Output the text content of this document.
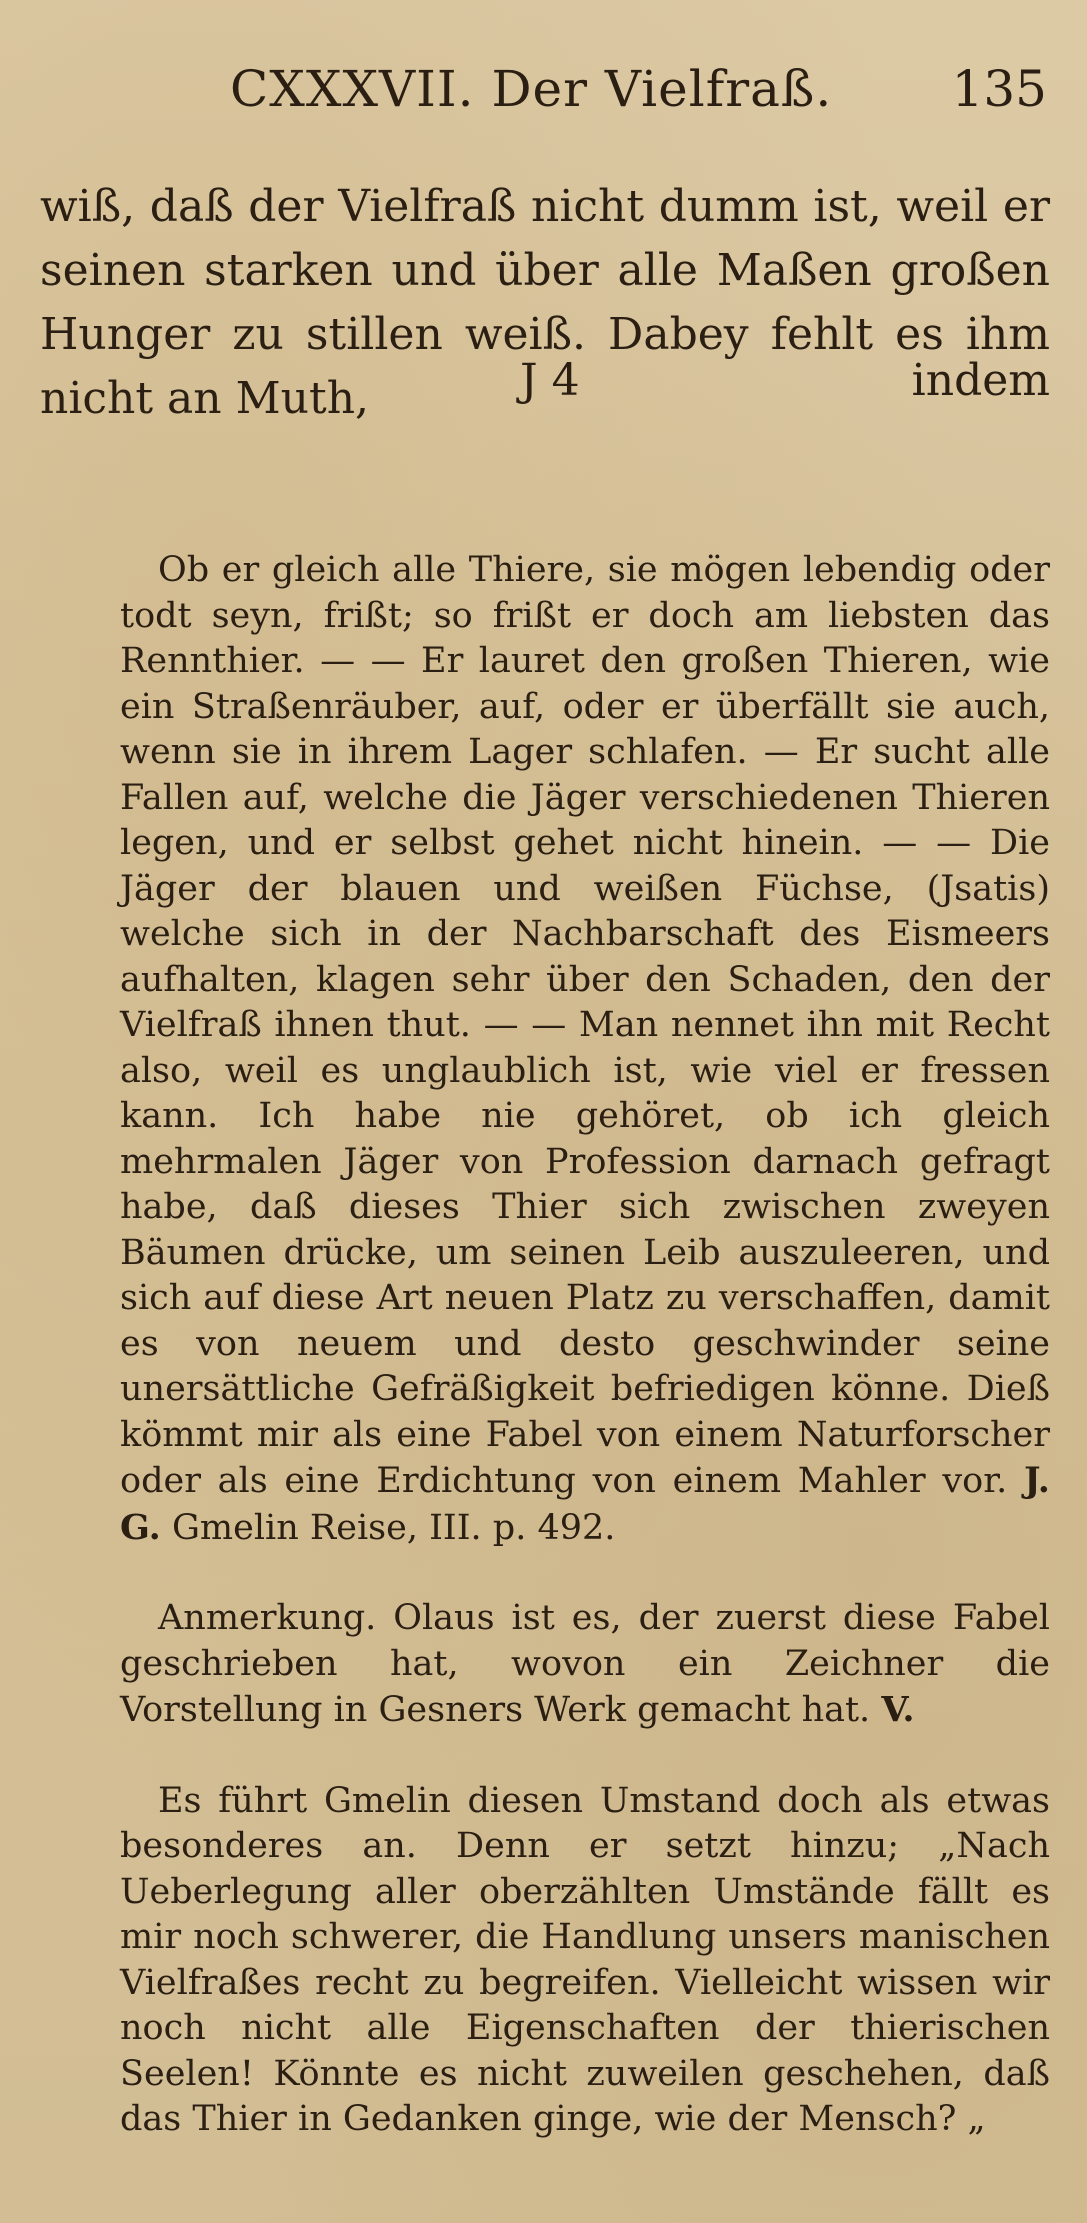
CXXXVII. Der Vielfraß. 135

wiß, daß der Vielfraß nicht dumm ist, weil er seinen starken und über alle Maßen großen Hunger zu stillen weiß. Dabey fehlt es ihm nicht an Muth,	J 4	indem

Ob er gleich alle Thiere, sie mögen lebendig oder todt seyn, frißt; so frißt er doch am liebsten das Rennthier. — — Er lauret den großen Thieren, wie ein Straßenräuber, auf, oder er überfällt sie auch, wenn sie in ihrem Lager schlafen. — Er sucht alle Fallen auf, welche die Jäger verschiedenen Thieren legen, und er selbst gehet nicht hinein. — — Die Jäger der blauen und weißen Füchse, (Jsatis) welche sich in der Nachbarschaft des Eismeers aufhalten, klagen sehr über den Schaden, den der Vielfraß ihnen thut. — — Man nennet ihn mit Recht also, weil es unglaublich ist, wie viel er fressen kann. Ich habe nie gehöret, ob ich gleich mehrmalen Jäger von Profession darnach gefragt habe, daß dieses Thier sich zwischen zweyen Bäumen drücke, um seinen Leib auszuleeren, und sich auf diese Art neuen Platz zu verschaffen, damit es von neuem und desto geschwinder seine unersättliche Gefräßigkeit befriedigen könne. Dieß kömmt mir als eine Fabel von einem Naturforscher oder als eine Erdichtung von einem Mahler vor. J. G. Gmelin Reise, III. p. 492.

Anmerkung. Olaus ist es, der zuerst diese Fabel geschrieben hat, wovon ein Zeichner die Vorstellung in Gesners Werk gemacht hat. V.

Es führt Gmelin diesen Umstand doch als etwas besonderes an. Denn er setzt hinzu; „Nach Ueberlegung aller oberzählten Umstände fällt es mir noch schwerer, die Handlung unsers manischen Vielfraßes recht zu begreifen. Vielleicht wissen wir noch nicht alle Eigenschaften der thierischen Seelen! Könnte es nicht zuweilen geschehen, daß das Thier in Gedanken ginge, wie der Mensch? „
